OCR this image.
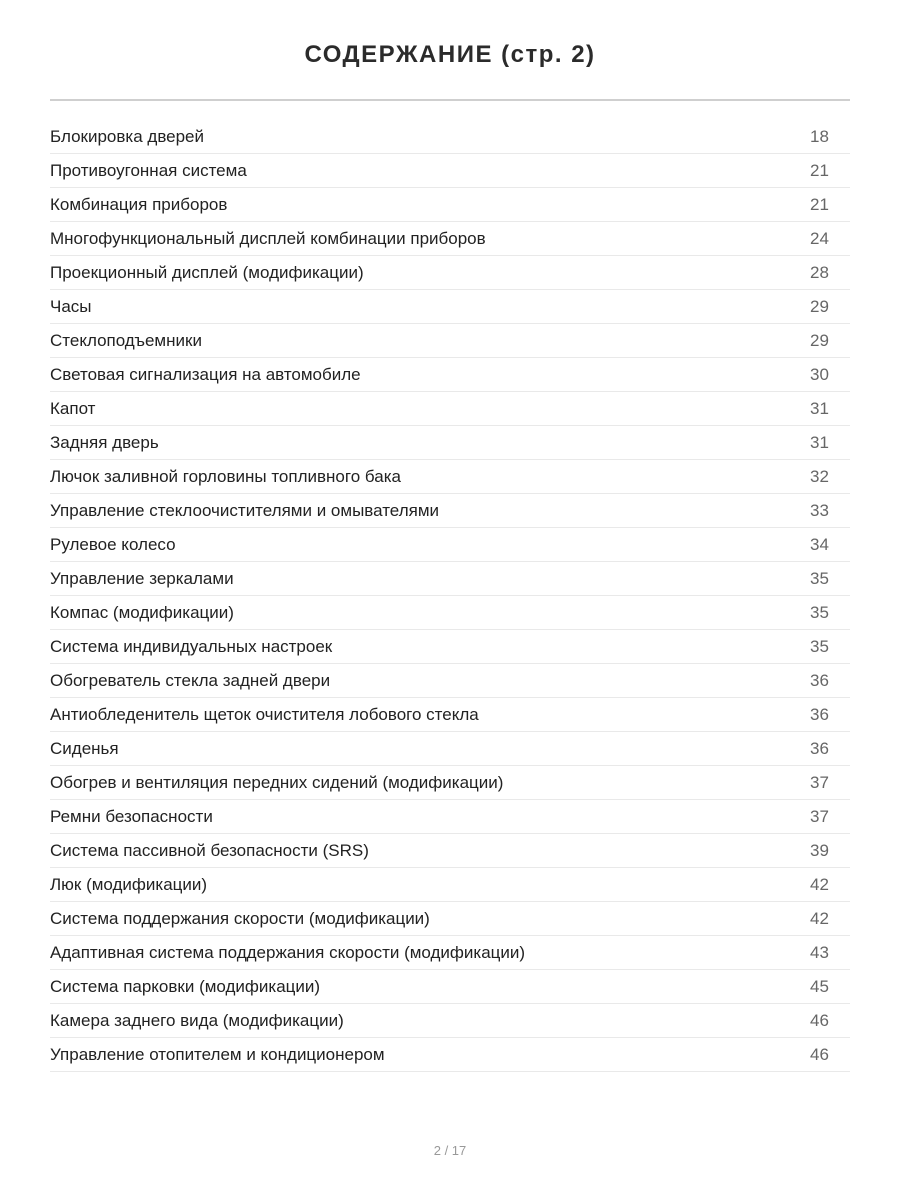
СОДЕРЖАНИЕ (стр. 2)
Блокировка дверей	18
Противоугонная система	21
Комбинация приборов	21
Многофункциональный дисплей комбинации приборов	24
Проекционный дисплей (модификации)	28
Часы	29
Стеклоподъемники	29
Световая сигнализация на автомобиле	30
Капот	31
Задняя дверь	31
Лючок заливной горловины топливного бака	32
Управление стеклоочистителями и омывателями	33
Рулевое колесо	34
Управление зеркалами	35
Компас (модификации)	35
Система индивидуальных настроек	35
Обогреватель стекла задней двери	36
Антиобледенитель щеток очистителя лобового стекла	36
Сиденья	36
Обогрев и вентиляция передних сидений (модификации)	37
Ремни безопасности	37
Система пассивной безопасности (SRS)	39
Люк (модификации)	42
Система поддержания скорости (модификации)	42
Адаптивная система поддержания скорости (модификации)	43
Система парковки (модификации)	45
Камера заднего вида (модификации)	46
Управление отопителем и кондиционером	46
2 / 17
